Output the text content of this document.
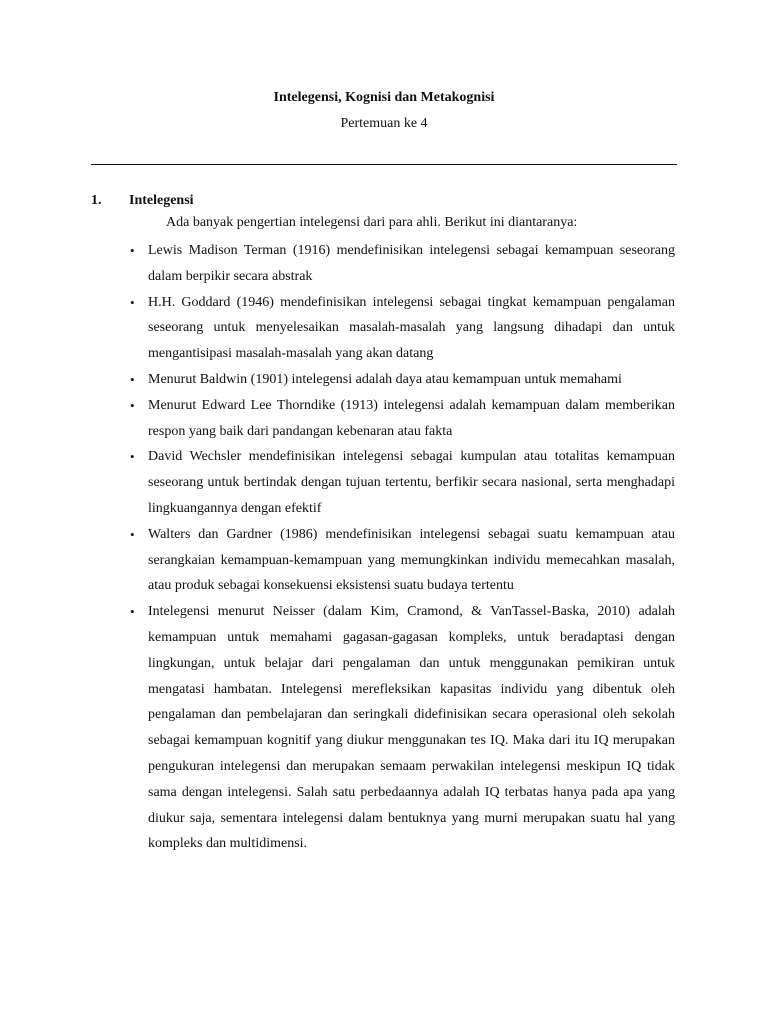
Intelegensi, Kognisi dan Metakognisi
Pertemuan ke 4
1. Intelegensi
Ada banyak pengertian intelegensi dari para ahli. Berikut ini diantaranya:
• Lewis Madison Terman (1916) mendefinisikan intelegensi sebagai kemampuan seseorang dalam berpikir secara abstrak
• H.H. Goddard (1946) mendefinisikan intelegensi sebagai tingkat kemampuan pengalaman seseorang untuk menyelesaikan masalah-masalah yang langsung dihadapi dan untuk mengantisipasi masalah-masalah yang akan datang
• Menurut Baldwin (1901) intelegensi adalah daya atau kemampuan untuk memahami
• Menurut Edward Lee Thorndike (1913) intelegensi adalah kemampuan dalam memberikan respon yang baik dari pandangan kebenaran atau fakta
• David Wechsler mendefinisikan intelegensi sebagai kumpulan atau totalitas kemampuan seseorang untuk bertindak dengan tujuan tertentu, berfikir secara nasional, serta menghadapi lingkuangannya dengan efektif
• Walters dan Gardner (1986) mendefinisikan intelegensi sebagai suatu kemampuan atau serangkaian kemampuan-kemampuan yang memungkinkan individu memecahkan masalah, atau produk sebagai konsekuensi eksistensi suatu budaya tertentu
• Intelegensi menurut Neisser (dalam Kim, Cramond, & VanTassel-Baska, 2010) adalah kemampuan untuk memahami gagasan-gagasan kompleks, untuk beradaptasi dengan lingkungan, untuk belajar dari pengalaman dan untuk menggunakan pemikiran untuk mengatasi hambatan. Intelegensi merefleksikan kapasitas individu yang dibentuk oleh pengalaman dan pembelajaran dan seringkali didefinisikan secara operasional oleh sekolah sebagai kemampuan kognitif yang diukur menggunakan tes IQ. Maka dari itu IQ merupakan pengukuran intelegensi dan merupakan semaam perwakilan intelegensi meskipun IQ tidak sama dengan intelegensi. Salah satu perbedaannya adalah IQ terbatas hanya pada apa yang diukur saja, sementara intelegensi dalam bentuknya yang murni merupakan suatu hal yang kompleks dan multidimensi.
